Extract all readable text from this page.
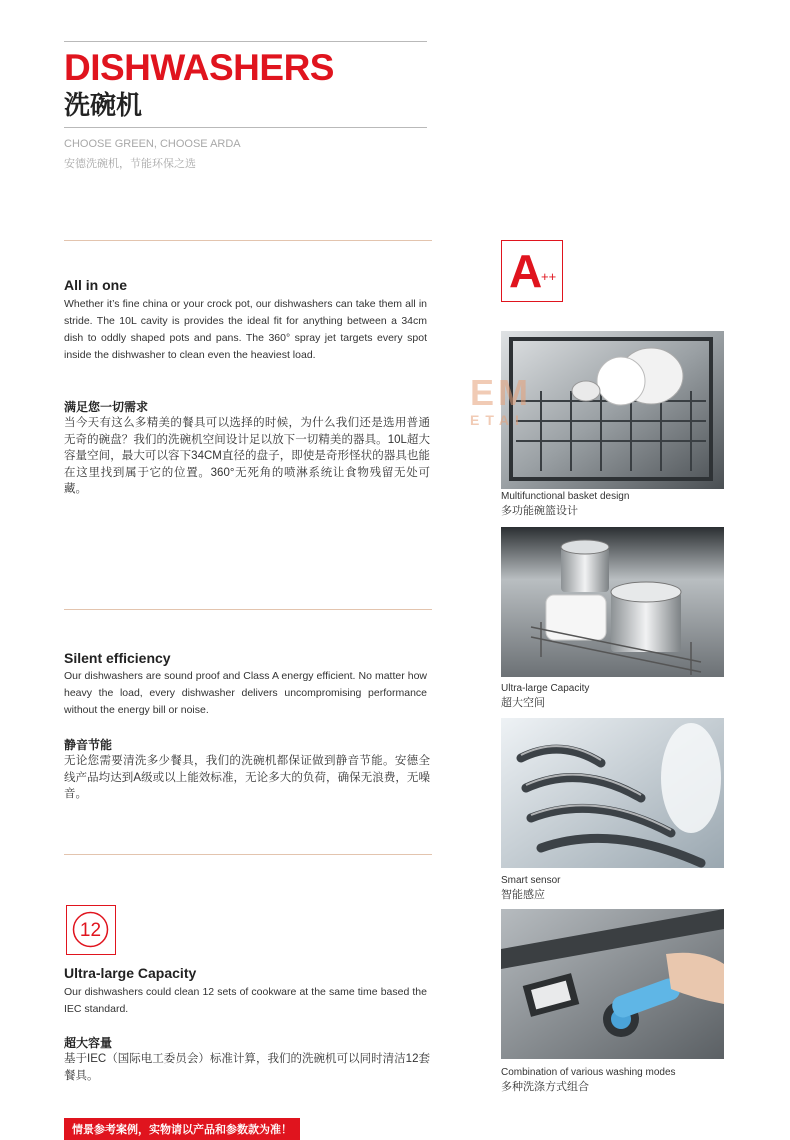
DISHWASHERS
洗碗机
CHOOSE GREEN, CHOOSE ARDA
安德洗碗机，节能环保之选
All in one
Whether it’s fine china or your crock pot, our dishwashers can take them all in stride. The 10L cavity is provides the ideal fit for anything between a 34cm dish to oddly shaped pots and pans. The 360° spray jet targets every spot inside the dishwasher to clean even the heaviest load.
满足您一切需求
当今天有这么多精美的餐具可以选择的时候，为什么我们还是选用普通无奇的碗盘？我们的洗碗机空间设计足以放下一切精美的器具。10L超大容量空间，最大可以容下34CM直径的盘子，即使是奇形怪状的器具也能在这里找到属于它的位置。360°无死角的喷淋系统让食物残留无处可藏。
Silent efficiency
Our dishwashers are sound proof and Class A energy efficient. No matter how heavy the load, every dishwasher delivers uncompromising performance without the energy bill or noise.
静音节能
无论您需要清洗多少餐具，我们的洗碗机都保证做到静音节能。安德全线产品均达到A级或以上能效标准，无论多大的负荷，确保无浪费，无噪音。
12
Ultra-large Capacity
Our dishwashers could clean 12 sets of cookware at the same time based the IEC standard.
超大容量
基于IEC（国际电工委员会）标准计算，我们的洗碗机可以同时清洁12套餐具。
A
++
EM
ETAI
Multifunctional basket design
多功能碗篮设计
Ultra-large Capacity
超大空间
Smart sensor
智能感应
Combination of various washing modes
多种洗涤方式组合
情景参考案例，实物请以产品和参数款为准！
